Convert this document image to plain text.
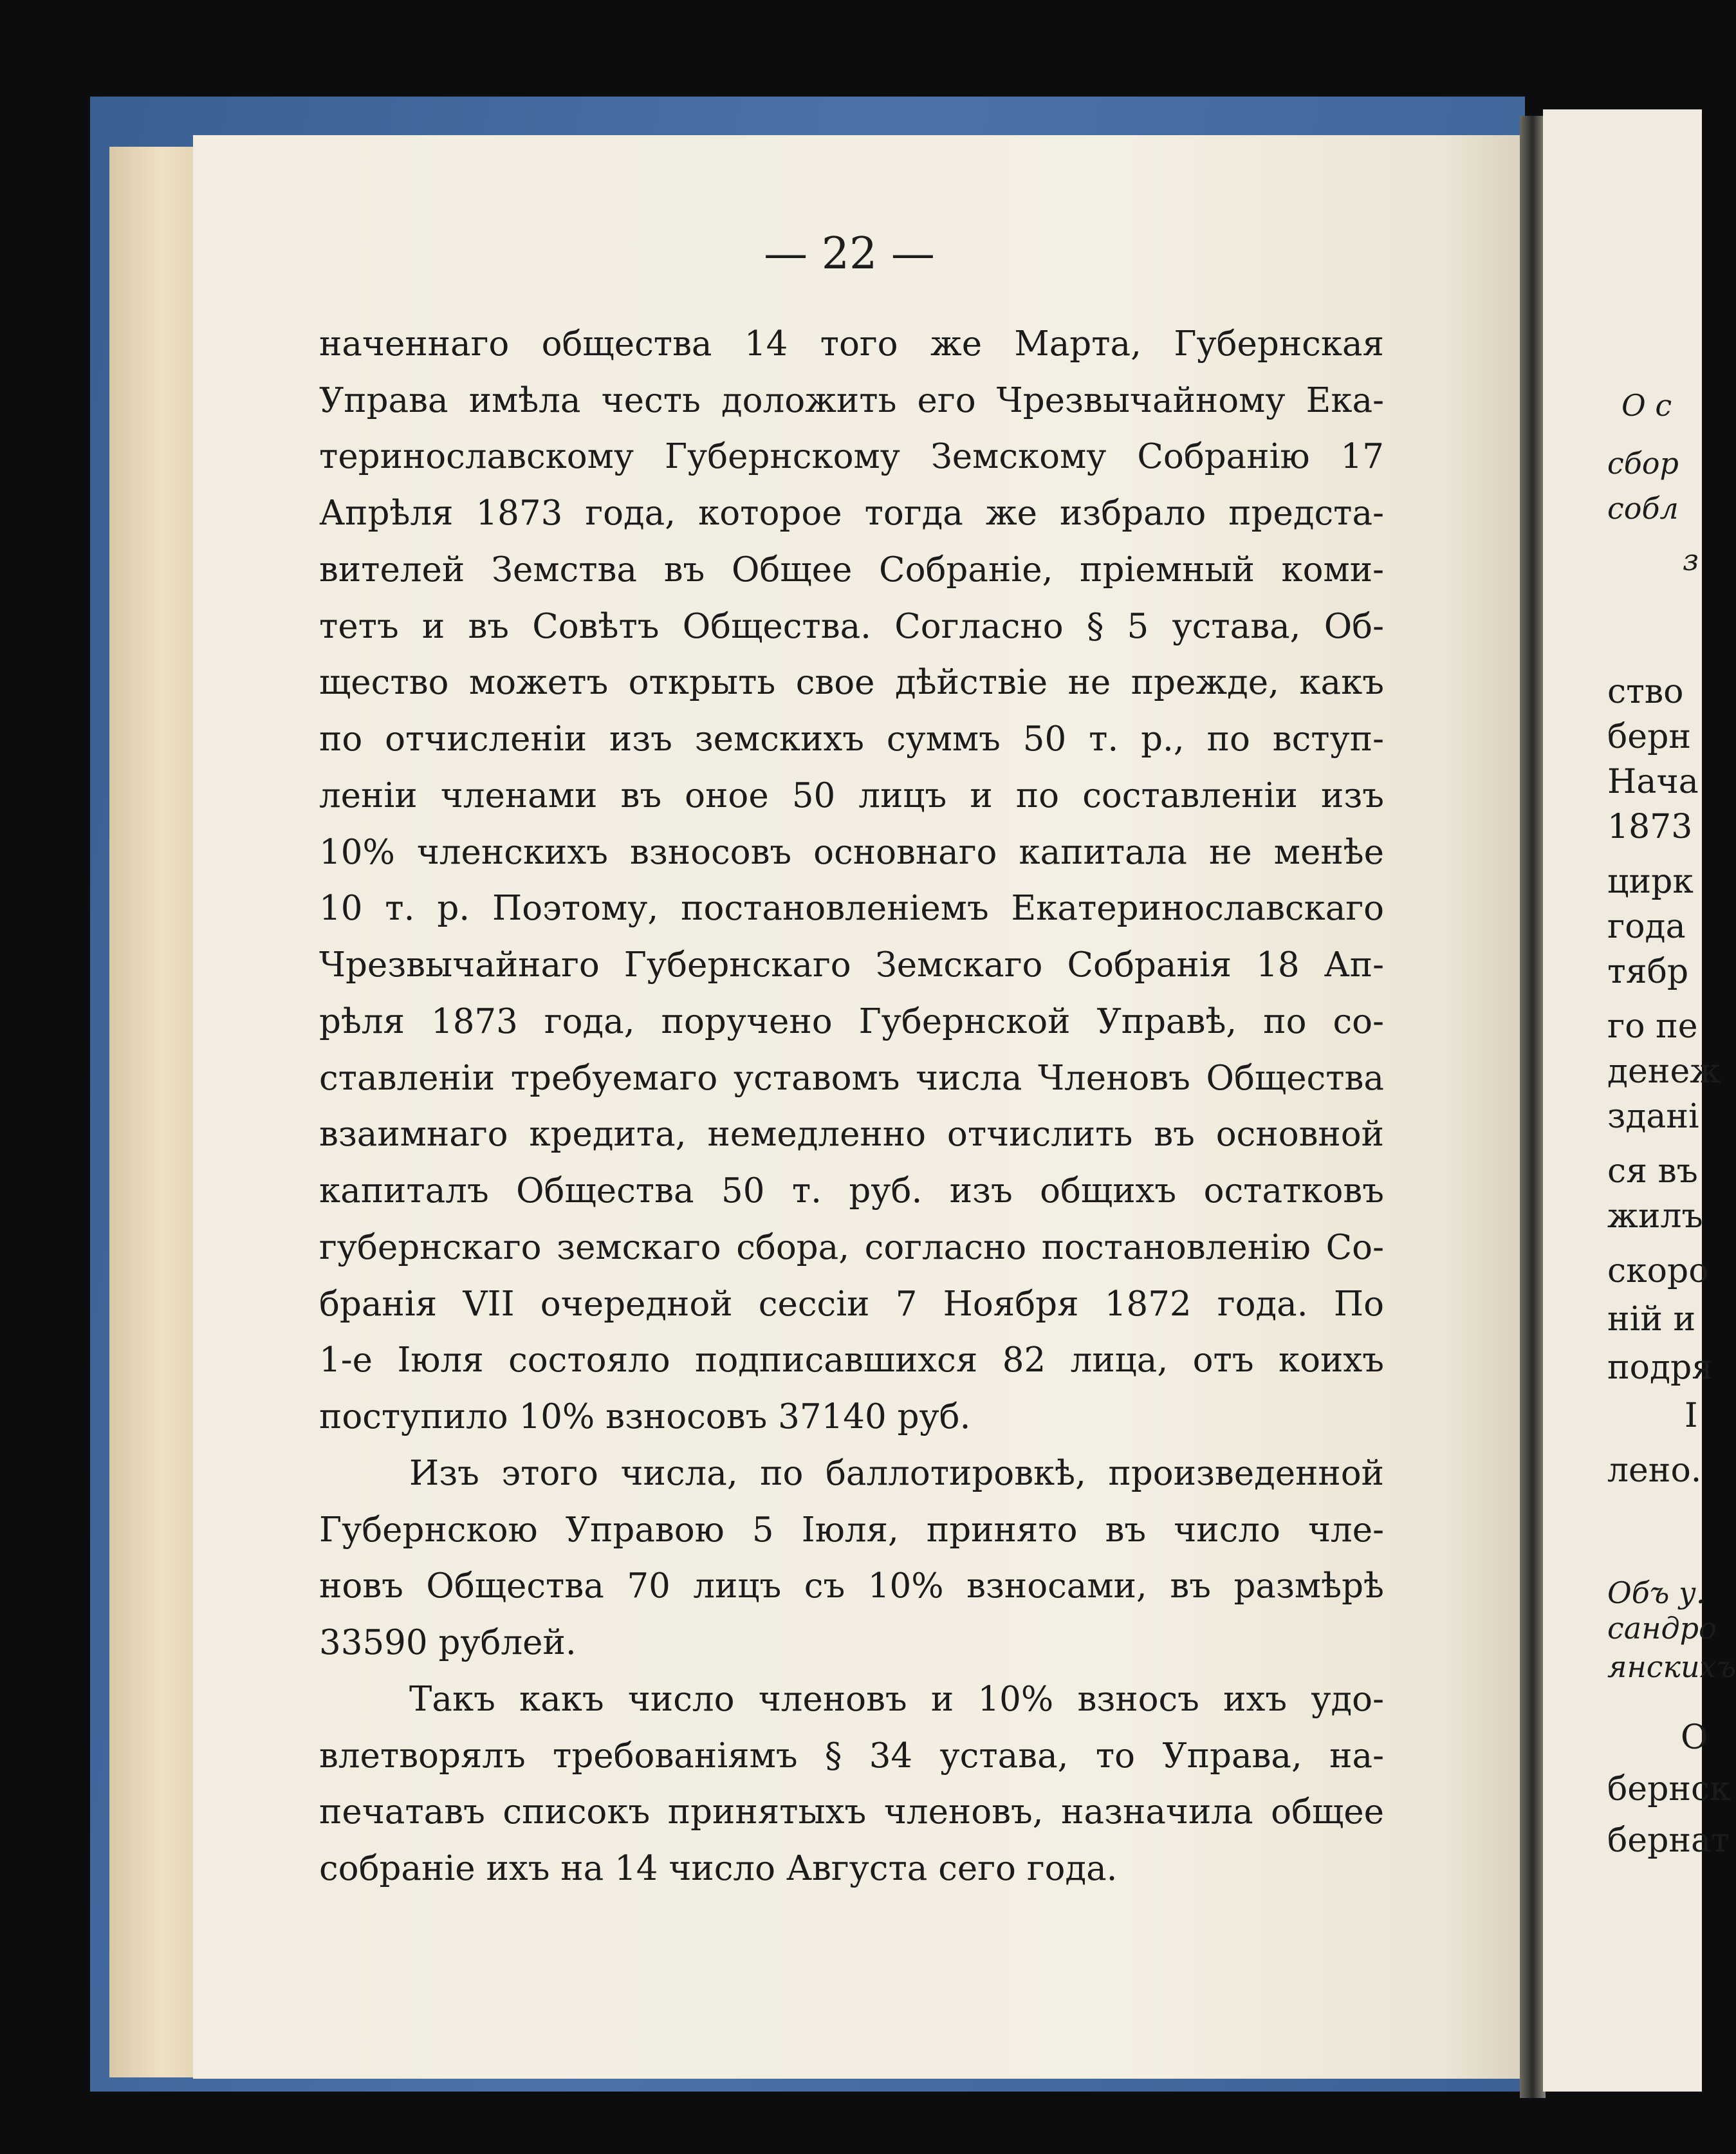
— 22 —
наченнаго общества 14 того же Марта, Губернская
Управа имѣла честь доложить его Чрезвычайному Ека-
теринославскому Губернскому Земскому Собранію 17
Апрѣля 1873 года, которое тогда же избрало предста-
вителей Земства въ Общее Собраніе, пріемный коми-
тетъ и въ Совѣтъ Общества. Согласно § 5 устава, Об-
щество можетъ открыть свое дѣйствіе не прежде, какъ
по отчисленіи изъ земскихъ суммъ 50 т. р., по вступ-
леніи членами въ оное 50 лицъ и по составленіи изъ
10% членскихъ взносовъ основнаго капитала не менѣе
10 т. р. Поэтому, постановленіемъ Екатеринославскаго
Чрезвычайнаго Губернскаго Земскаго Собранія 18 Ап-
рѣля 1873 года, поручено Губернской Управѣ, по со-
ставленіи требуемаго уставомъ числа Членовъ Общества
взаимнаго кредита, немедленно отчислить въ основной
капиталъ Общества 50 т. руб. изъ общихъ остатковъ
губернскаго земскаго сбора, согласно постановленію Со-
бранія VII очередной сессіи 7 Ноября 1872 года. По
1-е Іюля состояло подписавшихся 82 лица, отъ коихъ
поступило 10% взносовъ 37140 руб.
Изъ этого числа, по баллотировкѣ, произведенной
Губернскою Управою 5 Іюля, принято въ число чле-
новъ Общества 70 лицъ съ 10% взносами, въ размѣрѣ
33590 рублей.
Такъ какъ число членовъ и 10% взносъ ихъ удо-
влетворялъ требованіямъ § 34 устава, то Управа, на-
печатавъ списокъ принятыхъ членовъ, назначила общее
собраніе ихъ на 14 число Августа сего года.
О с
сбор
собл
з
ство
берн
Нача
1873
цирк
года
тябр
го пе
денеж
здані
ся въ
жилъ
скоро
ній и
подря
I
лено.
Объ у.
сандро
янскихъ
О
бернск
бернат
